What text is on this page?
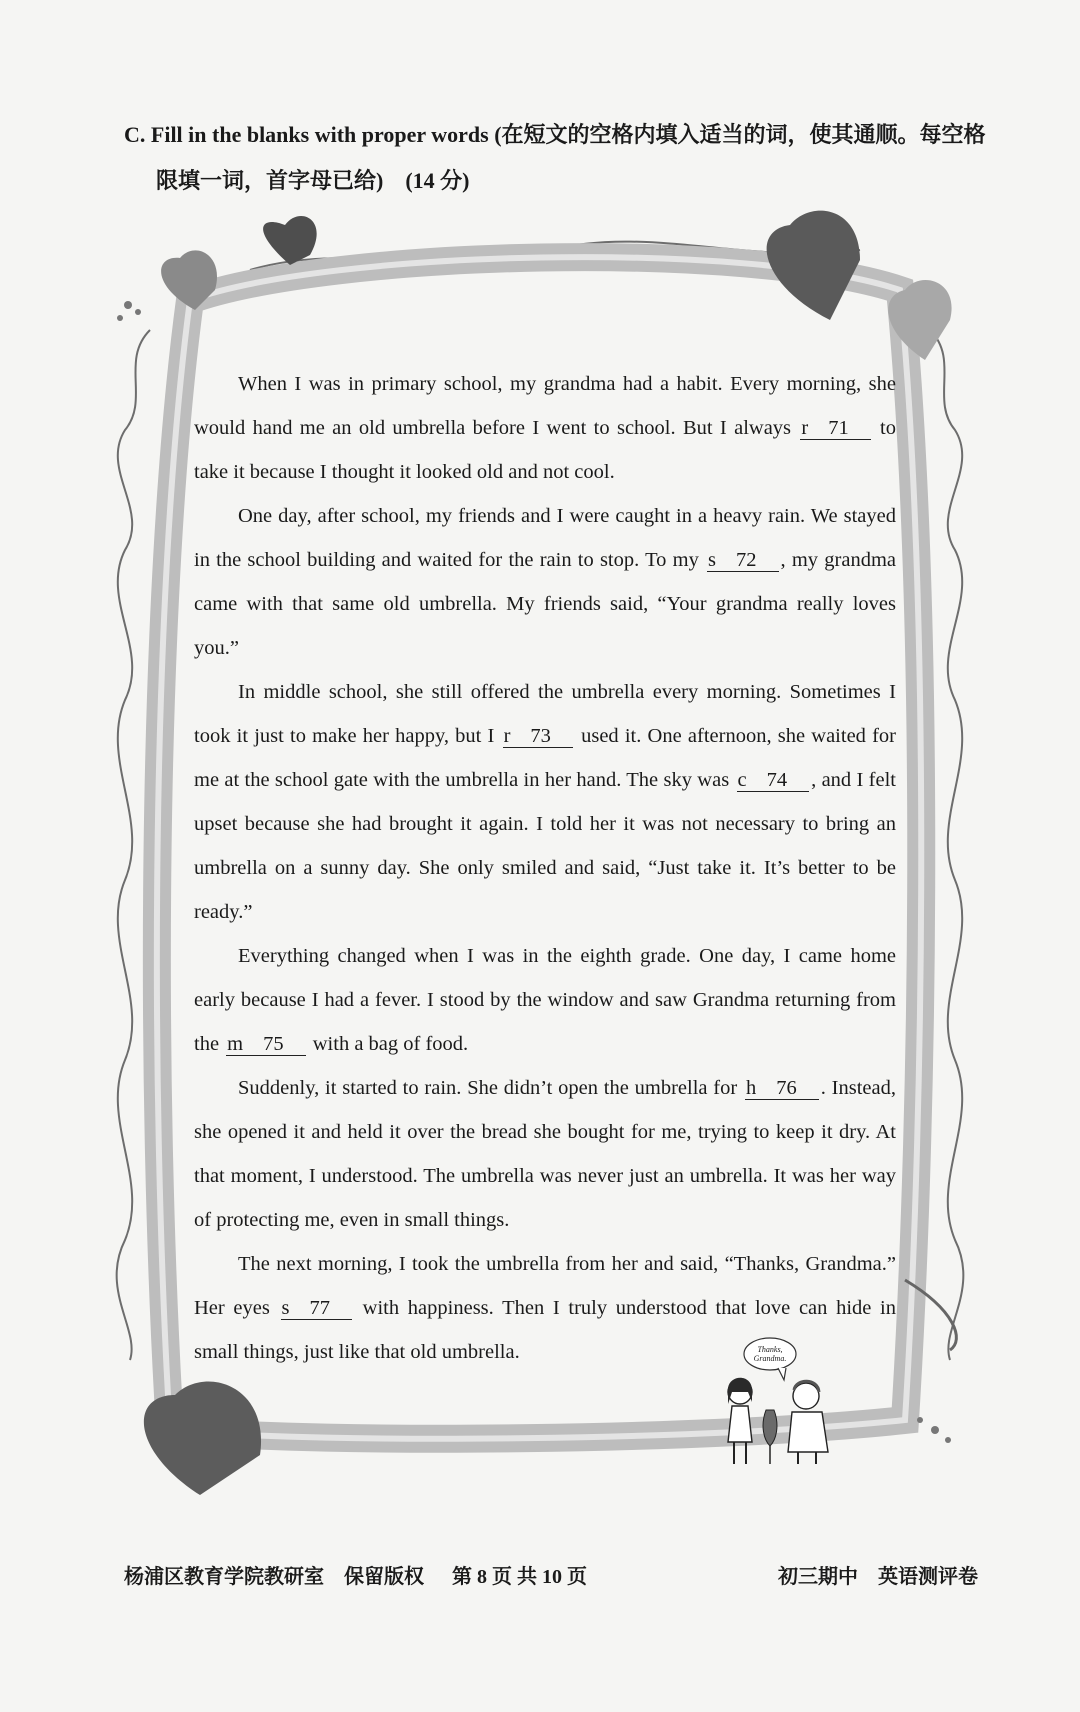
C. Fill in the blanks with proper words (在短文的空格内填入适当的词，使其通顺。每空格
限填一词，首字母已给)　(14 分)

When I was in primary school, my grandma had a habit. Every morning, she would hand me an old umbrella before I went to school. But I always r 71 to take it because I thought it looked old and not cool.

One day, after school, my friends and I were caught in a heavy rain. We stayed in the school building and waited for the rain to stop. To my s 72 , my grandma came with that same old umbrella. My friends said, “Your grandma really loves you.”

In middle school, she still offered the umbrella every morning. Sometimes I took it just to make her happy, but I r 73 used it. One afternoon, she waited for me at the school gate with the umbrella in her hand. The sky was c 74 , and I felt upset because she had brought it again. I told her it was not necessary to bring an umbrella on a sunny day. She only smiled and said, “Just take it. It’s better to be ready.”

Everything changed when I was in the eighth grade. One day, I came home early because I had a fever. I stood by the window and saw Grandma returning from the m 75 with a bag of food.

Suddenly, it started to rain. She didn’t open the umbrella for h 76 . Instead, she opened it and held it over the bread she bought for me, trying to keep it dry. At that moment, I understood. The umbrella was never just an umbrella. It was her way of protecting me, even in small things.

The next morning, I took the umbrella from her and said, “Thanks, Grandma.” Her eyes s 77 with happiness. Then I truly understood that love can hide in small things, just like that old umbrella.	Thanks, Grandma.
杨浦区教育学院教研室　保留版权 第 8 页 共 10 页	初三期中　英语测评卷
